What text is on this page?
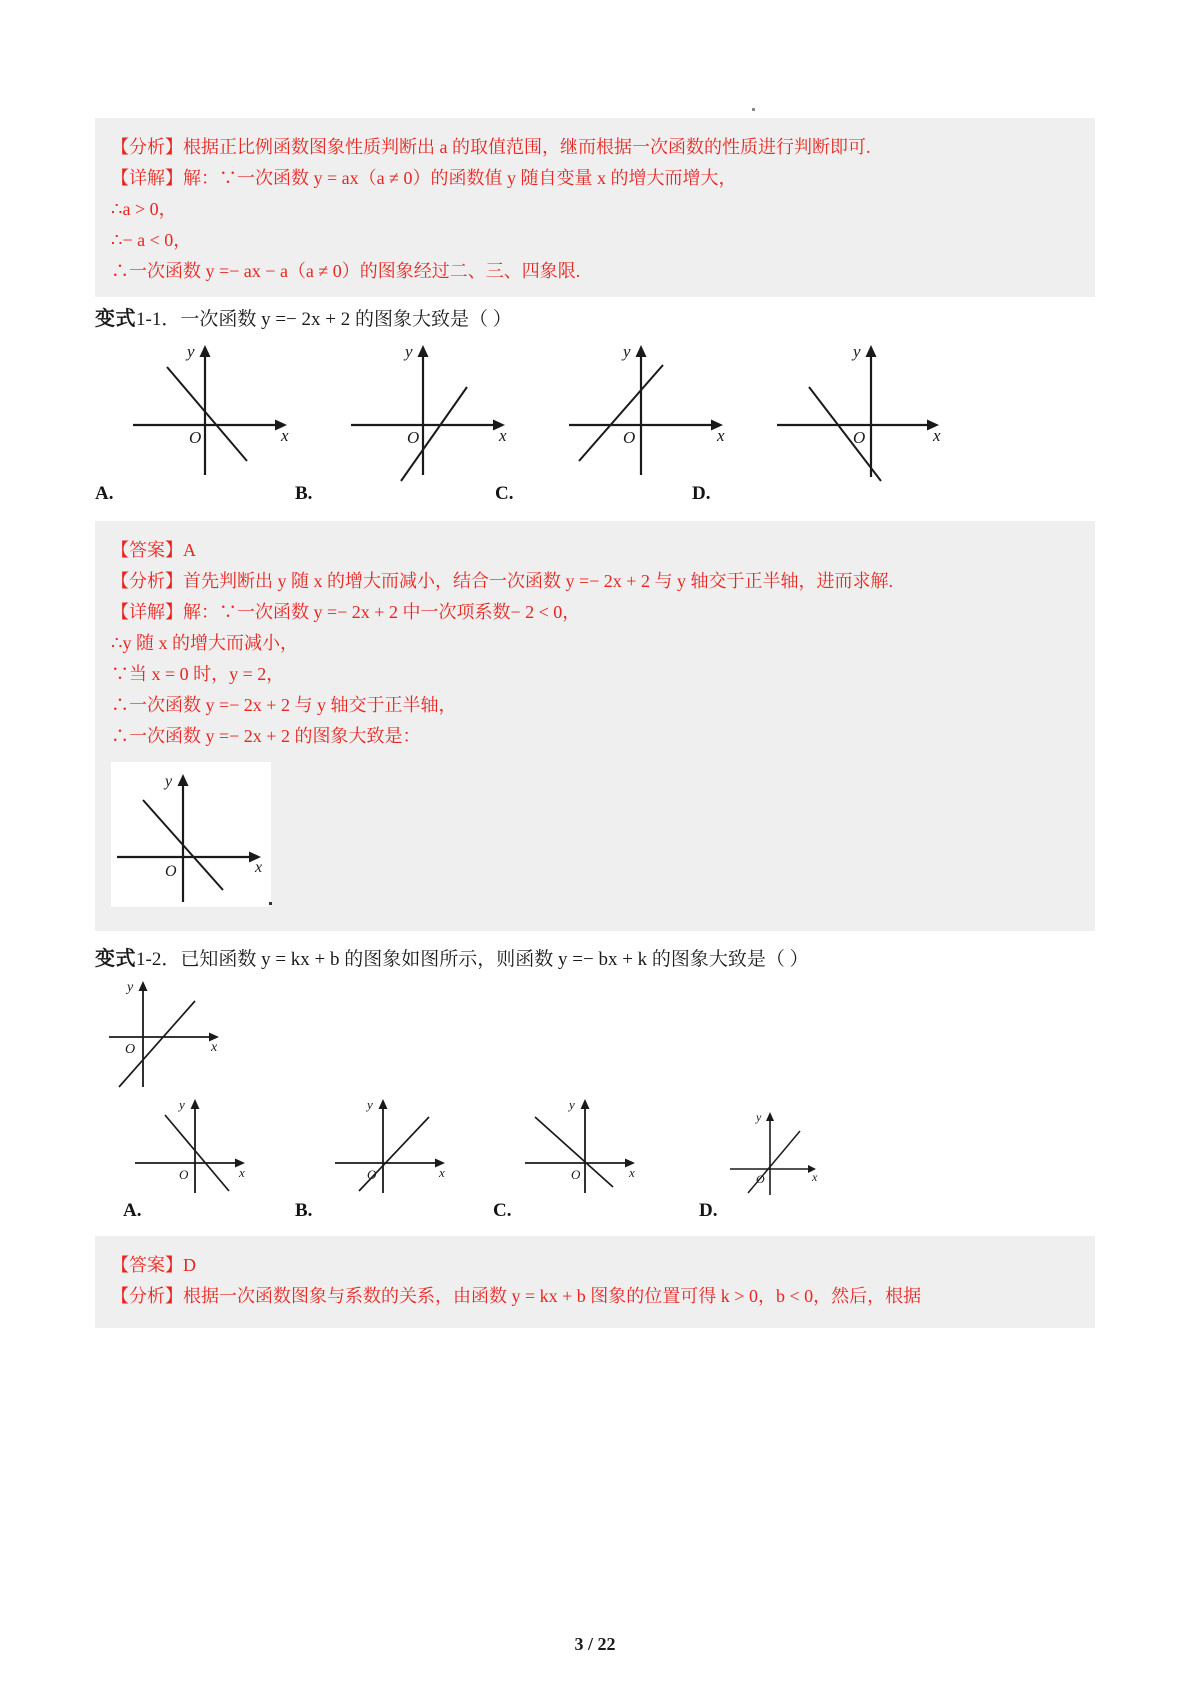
【分析】根据正比例函数图象性质判断出 a 的取值范围，继而根据一次函数的性质进行判断即可.
【详解】解：∵一次函数 y = ax（a ≠ 0）的函数值 y 随自变量 x 的增大而增大，
∴a > 0，
∴− a < 0，
∴一次函数 y =− ax − a（a ≠ 0）的图象经过二、三、四象限.
变式1-1．一次函数 y =− 2x + 2 的图象大致是（ ）
O	x
y
O	x
y
O	x
y
O	x
y
A.	B.	C.	D.
【答案】A
【分析】首先判断出 y 随 x 的增大而减小，结合一次函数 y =− 2x + 2 与 y 轴交于正半轴，进而求解.
【详解】解：∵一次函数 y =− 2x + 2 中一次项系数− 2 < 0，
∴y 随 x 的增大而减小，
∵当 x = 0 时，y = 2，
∴一次函数 y =− 2x + 2 与 y 轴交于正半轴，
∴一次函数 y =− 2x + 2 的图象大致是：
O	x
y
变式1-2．已知函数 y = kx + b 的图象如图所示，则函数 y =− bx + k 的图象大致是（ ）
O	x
y
O	x
y
O	x
y
O	x
y
O	x
y
A.	B.	C.	D.
【答案】D
【分析】根据一次函数图象与系数的关系，由函数 y = kx + b 图象的位置可得 k > 0，b < 0，然后，根据
3 / 22
